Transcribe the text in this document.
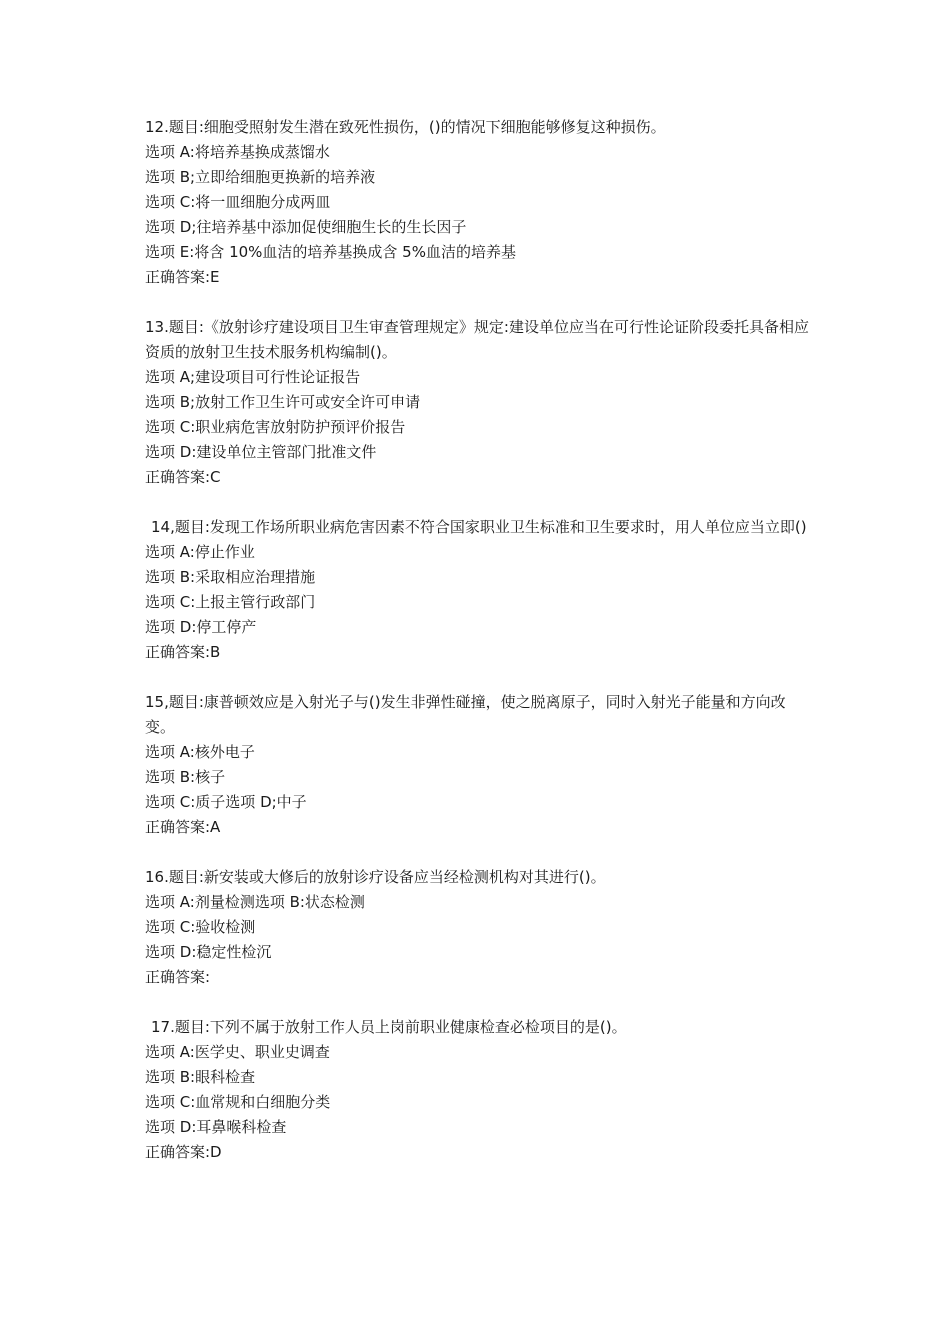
12.题目:细胞受照射发生潜在致死性损伤，()的情况下细胞能够修复这种损伤。
选项 A:将培养基换成蒸馏水
选项 B;立即给细胞更换新的培养液
选项 C:将一皿细胞分成两皿
选项 D;往培养基中添加促使细胞生长的生长因子
选项 E:将含 10%血洁的培养基换成含 5%血洁的培养基
正确答案:E
13.题目:《放射诊疗建设项目卫生审查管理规定》规定:建设单位应当在可行性论证阶段委托具备相应资质的放射卫生技术服务机构编制()。
选项 A;建设项目可行性论证报告
选项 B;放射工作卫生许可或安全许可申请
选项 C:职业病危害放射防护预评价报告
选项 D:建设单位主管部门批准文件
正确答案:C
14,题目:发现工作场所职业病危害因素不符合国家职业卫生标准和卫生要求时，用人单位应当立即()
选项 A:停止作业
选项 B:采取相应治理措施
选项 C:上报主管行政部门
选项 D:停工停产
正确答案:B
15,题目:康普顿效应是入射光子与()发生非弹性碰撞，使之脱离原子，同时入射光子能量和方向改变。
选项 A:核外电子
选项 B:核子
选项 C:质子选项 D;中子
正确答案:A
16.题目:新安装或大修后的放射诊疗设备应当经检测机构对其进行()。
选项 A:剂量检测选项 B:状态检测
选项 C:验收检测
选项 D:稳定性检沉
正确答案:
17.题目:下列不属于放射工作人员上岗前职业健康检查必检项目的是()。
选项 A:医学史、职业史调查
选项 B:眼科检查
选项 C:血常规和白细胞分类
选项 D:耳鼻喉科检查
正确答案:D
